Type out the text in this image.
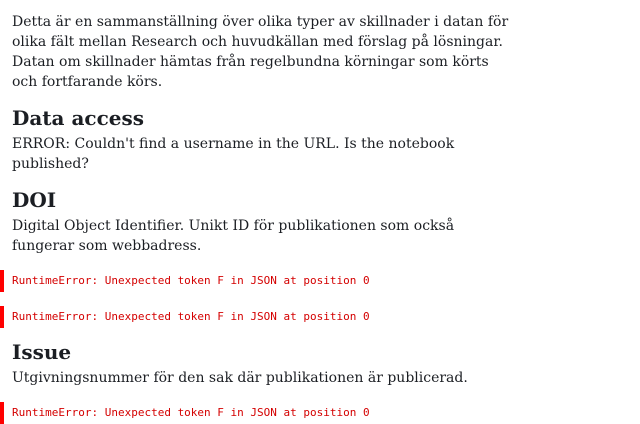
Detta är en sammanställning över olika typer av skillnader i datan för olika fält mellan Research och huvudkällan med förslag på lösningar. Datan om skillnader hämtas från regelbundna körningar som körts och fortfarande körs.

Data access

ERROR: Couldn't find a username in the URL. Is the notebook published?

DOI

Digital Object Identifier. Unikt ID för publikationen som också fungerar som webbadress.

RuntimeError: Unexpected token F in JSON at position 0
RuntimeError: Unexpected token F in JSON at position 0
Issue

Utgivningsnummer för den sak där publikationen är publicerad.

RuntimeError: Unexpected token F in JSON at position 0
